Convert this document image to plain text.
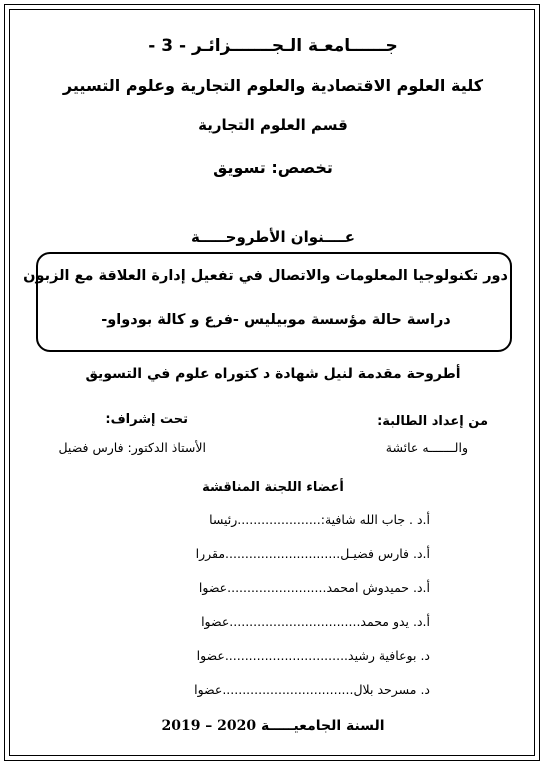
جــــــامعـة الـجـــــــزائـر - 3 -
كلية العلوم الاقتصادية والعلوم التجارية وعلوم التسيير
قسم العلوم التجارية
تخصص: تسويق
عــــنوان الأطروحـــــة
دور تكنولوجيا المعلومات والاتصال في تفعيل إدارة العلاقة مع الزبون
دراسة حالة مؤسسة موبيليس -فرع و كالة بودواو-
أطروحة مقدمة لنيل شهادة د كتوراه علوم في التسويق
من إعداد الطالبة:
والـــــــه عائشة
تحت إشراف:
الأستاذ الدكتور: فارس فضيل
أعضاء اللجنة المناقشة
أ.د . جاب الله شافية:.....................رئيسا
أ.د. فارس فضيـل.............................مقررا
أ.د. حميدوش امحمد.........................عضوا
أ.د. يدو محمد.................................عضوا
د. بوعافية رشيد...............................عضوا
د. مسرحد بلال.................................عضوا
السنة الجامعيـــــة 2019 – 2020
